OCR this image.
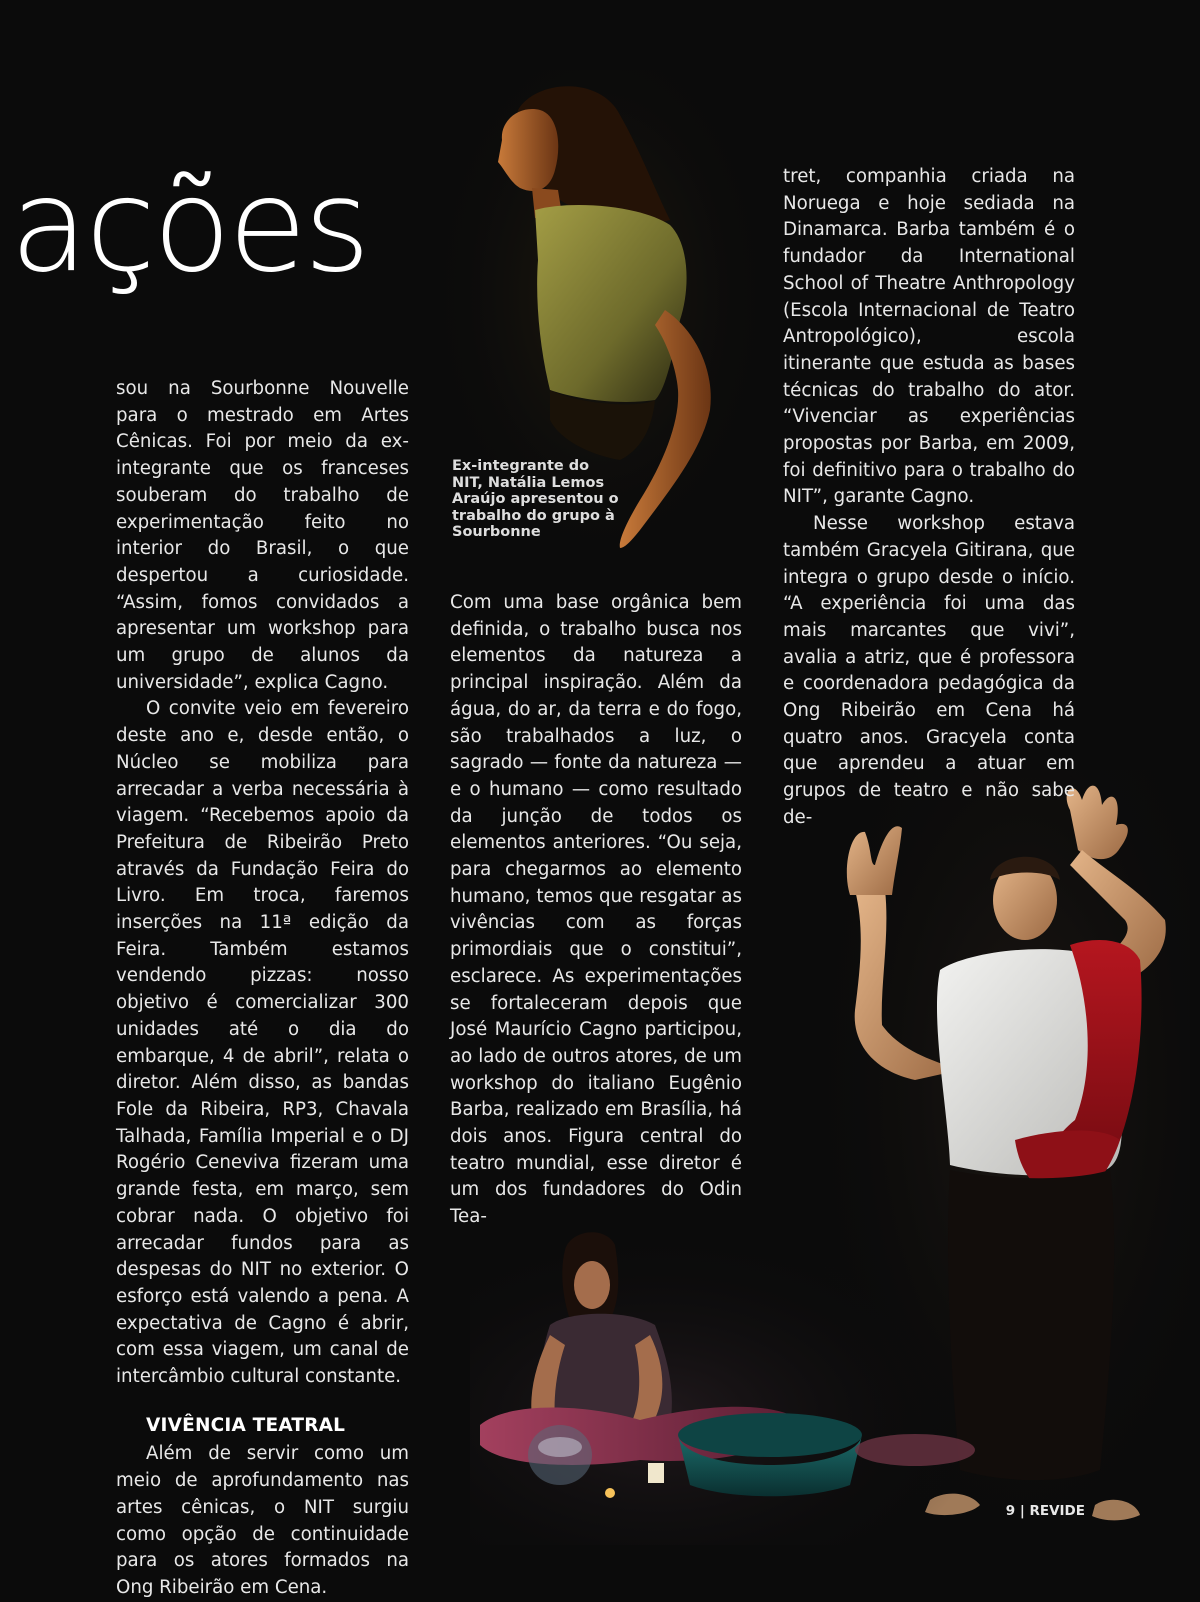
ações
Ex-integrante do NIT, Natália Lemos Araújo apresentou o trabalho do grupo à Sourbonne

sou na Sourbonne Nouvelle para o mestrado em Artes Cênicas. Foi por meio da ex-integrante que os franceses souberam do trabalho de experimentação feito no interior do Brasil, o que despertou a curiosidade. “Assim, fomos convidados a apresentar um workshop para um grupo de alunos da universidade”, explica Cagno.

O convite veio em fevereiro deste ano e, desde então, o Núcleo se mobiliza para arrecadar a verba necessária à viagem. “Recebemos apoio da Prefeitura de Ribeirão Preto através da Fundação Feira do Livro. Em troca, faremos inserções na 11ª edição da Feira. Também estamos vendendo pizzas: nosso objetivo é comercializar 300 unidades até o dia do embarque, 4 de abril”, relata o diretor. Além disso, as bandas Fole da Ribeira, RP3, Chavala Talhada, Família Imperial e o DJ Rogério Ceneviva fizeram uma grande festa, em março, sem cobrar nada. O objetivo foi arrecadar fundos para as despesas do NIT no exterior. O esforço está valendo a pena. A expectativa de Cagno é abrir, com essa viagem, um canal de intercâmbio cultural constante.

VIVÊNCIA TEATRAL

Além de servir como um meio de aprofundamento nas artes cênicas, o NIT surgiu como opção de continuidade para os atores formados na Ong Ribeirão em Cena.

Com uma base orgânica bem definida, o trabalho busca nos elementos da natureza a principal inspiração. Além da água, do ar, da terra e do fogo, são trabalhados a luz, o sagrado — fonte da natureza — e o humano — como resultado da junção de todos os elementos anteriores. “Ou seja, para chegarmos ao elemento humano, temos que resgatar as vivências com as forças primordiais que o constitui”, esclarece. As experimentações se fortaleceram depois que José Maurício Cagno participou, ao lado de outros atores, de um workshop do italiano Eugênio Barba, realizado em Brasília, há dois anos. Figura central do teatro mundial, esse diretor é um dos fundadores do Odin Tea-

tret, companhia criada na Noruega e hoje sediada na Dinamarca. Barba também é o fundador da International School of Theatre Anthropology (Escola Internacional de Teatro Antropológico), escola itinerante que estuda as bases técnicas do trabalho do ator. “Vivenciar as experiências propostas por Barba, em 2009, foi definitivo para o trabalho do NIT”, garante Cagno.

Nesse workshop estava também Gracyela Gitirana, que integra o grupo desde o início. “A experiência foi uma das mais marcantes que vivi”, avalia a atriz, que é professora e coordenadora pedagógica da Ong Ribeirão em Cena há quatro anos. Gracyela conta que aprendeu a atuar em grupos de teatro e não sabe de-

9 | REVIDE
